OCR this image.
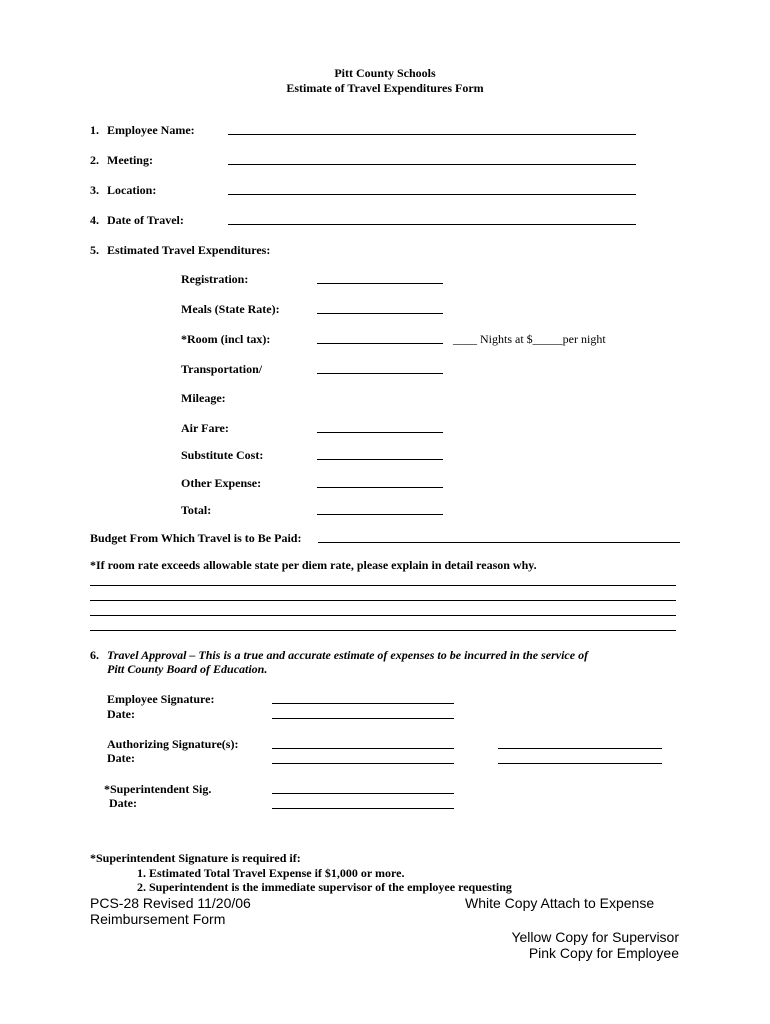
Pitt County Schools
Estimate of Travel Expenditures Form
1. Employee Name:
2. Meeting:
3. Location:
4. Date of Travel:
5. Estimated Travel Expenditures:
Registration:
Meals (State Rate):
*Room (incl tax):	____ Nights at $_____per night
Transportation/
Mileage:
Air Fare:
Substitute Cost:
Other Expense:
Total:
Budget From Which Travel is to Be Paid:
*If room rate exceeds allowable state per diem rate, please explain in detail reason why.
6. Travel Approval – This is a true and accurate estimate of expenses to be incurred in the service of
Pitt County Board of Education.
Employee Signature:
Date:
Authorizing Signature(s):
Date:
*Superintendent Sig.
Date:
*Superintendent Signature is required if:
1. Estimated Total Travel Expense if $1,000 or more.
2. Superintendent is the immediate supervisor of the employee requesting
PCS-28 Revised 11/20/06	White Copy Attach to Expense
Reimbursement Form
Yellow Copy for Supervisor
Pink Copy for Employee
